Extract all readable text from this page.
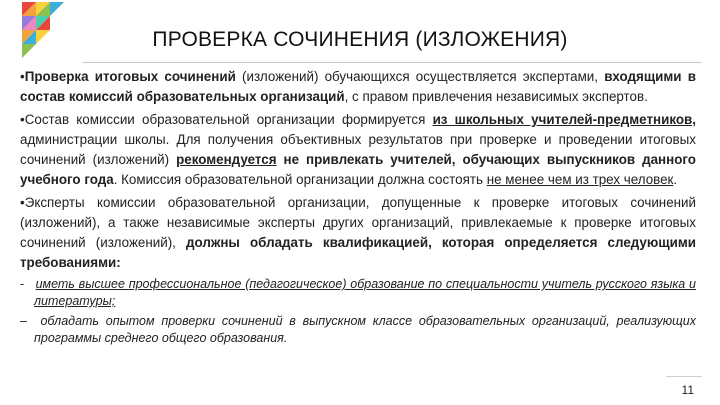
ПРОВЕРКА СОЧИНЕНИЯ (ИЗЛОЖЕНИЯ)

•Проверка итоговых сочинений (изложений) обучающихся осуществляется экспертами, входящими в состав комиссий образовательных организаций, с правом привлечения независимых экспертов.

•Состав комиссии образовательной организации формируется из школьных учителей-предметников, администрации школы. Для получения объективных результатов при проверке и проведении итоговых сочинений (изложений) рекомендуется не привлекать учителей, обучающих выпускников данного учебного года. Комиссия образовательной организации должна состоять не менее чем из трех человек.

•Эксперты комиссии образовательной организации, допущенные к проверке итоговых сочинений (изложений), а также независимые эксперты других организаций, привлекаемые к проверке итоговых сочинений (изложений), должны обладать квалификацией, которая определяется следующими требованиями:

- иметь высшее профессиональное (педагогическое) образование по специальности учитель русского языка и литературы;

– обладать опытом проверки сочинений в выпускном классе образовательных организаций, реализующих программы среднего общего образования.

11
